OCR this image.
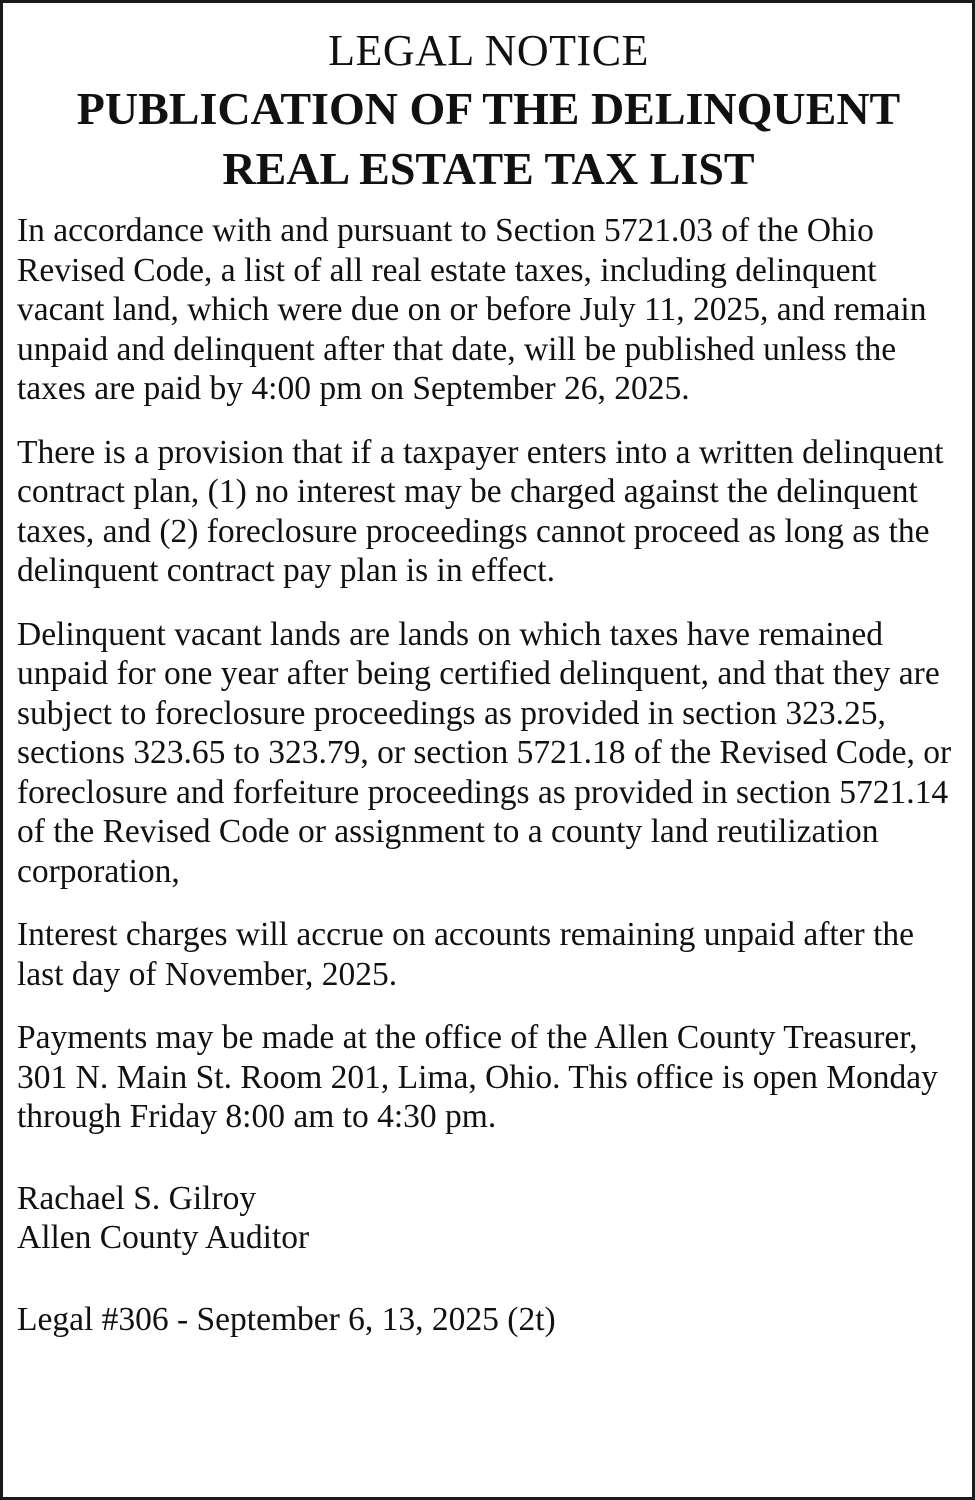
LEGAL NOTICE
PUBLICATION OF THE DELINQUENT
REAL ESTATE TAX LIST

In accordance with and pursuant to Section 5721.03 of the Ohio Revised Code, a list of all real estate taxes, including delinquent vacant land, which were due on or before July 11, 2025, and remain unpaid and delinquent after that date, will be published unless the taxes are paid by 4:00 pm on September 26, 2025.

There is a provision that if a taxpayer enters into a written delinquent contract plan, (1) no interest may be charged against the delinquent taxes, and (2) foreclosure proceedings cannot proceed as long as the delinquent contract pay plan is in effect.

Delinquent vacant lands are lands on which taxes have remained unpaid for one year after being certified delinquent, and that they are subject to foreclosure proceedings as provided in section 323.25, sections 323.65 to 323.79, or section 5721.18 of the Revised Code, or foreclosure and forfeiture proceedings as provided in section 5721.14 of the Revised Code or assignment to a county land reutilization corporation,

Interest charges will accrue on accounts remaining unpaid after the last day of November, 2025.

Payments may be made at the office of the Allen County Treasurer, 301 N. Main St. Room 201, Lima, Ohio. This office is open Monday through Friday 8:00 am to 4:30 pm.

Rachael S. Gilroy

Allen County Auditor

Legal #306 - September 6, 13, 2025 (2t)
